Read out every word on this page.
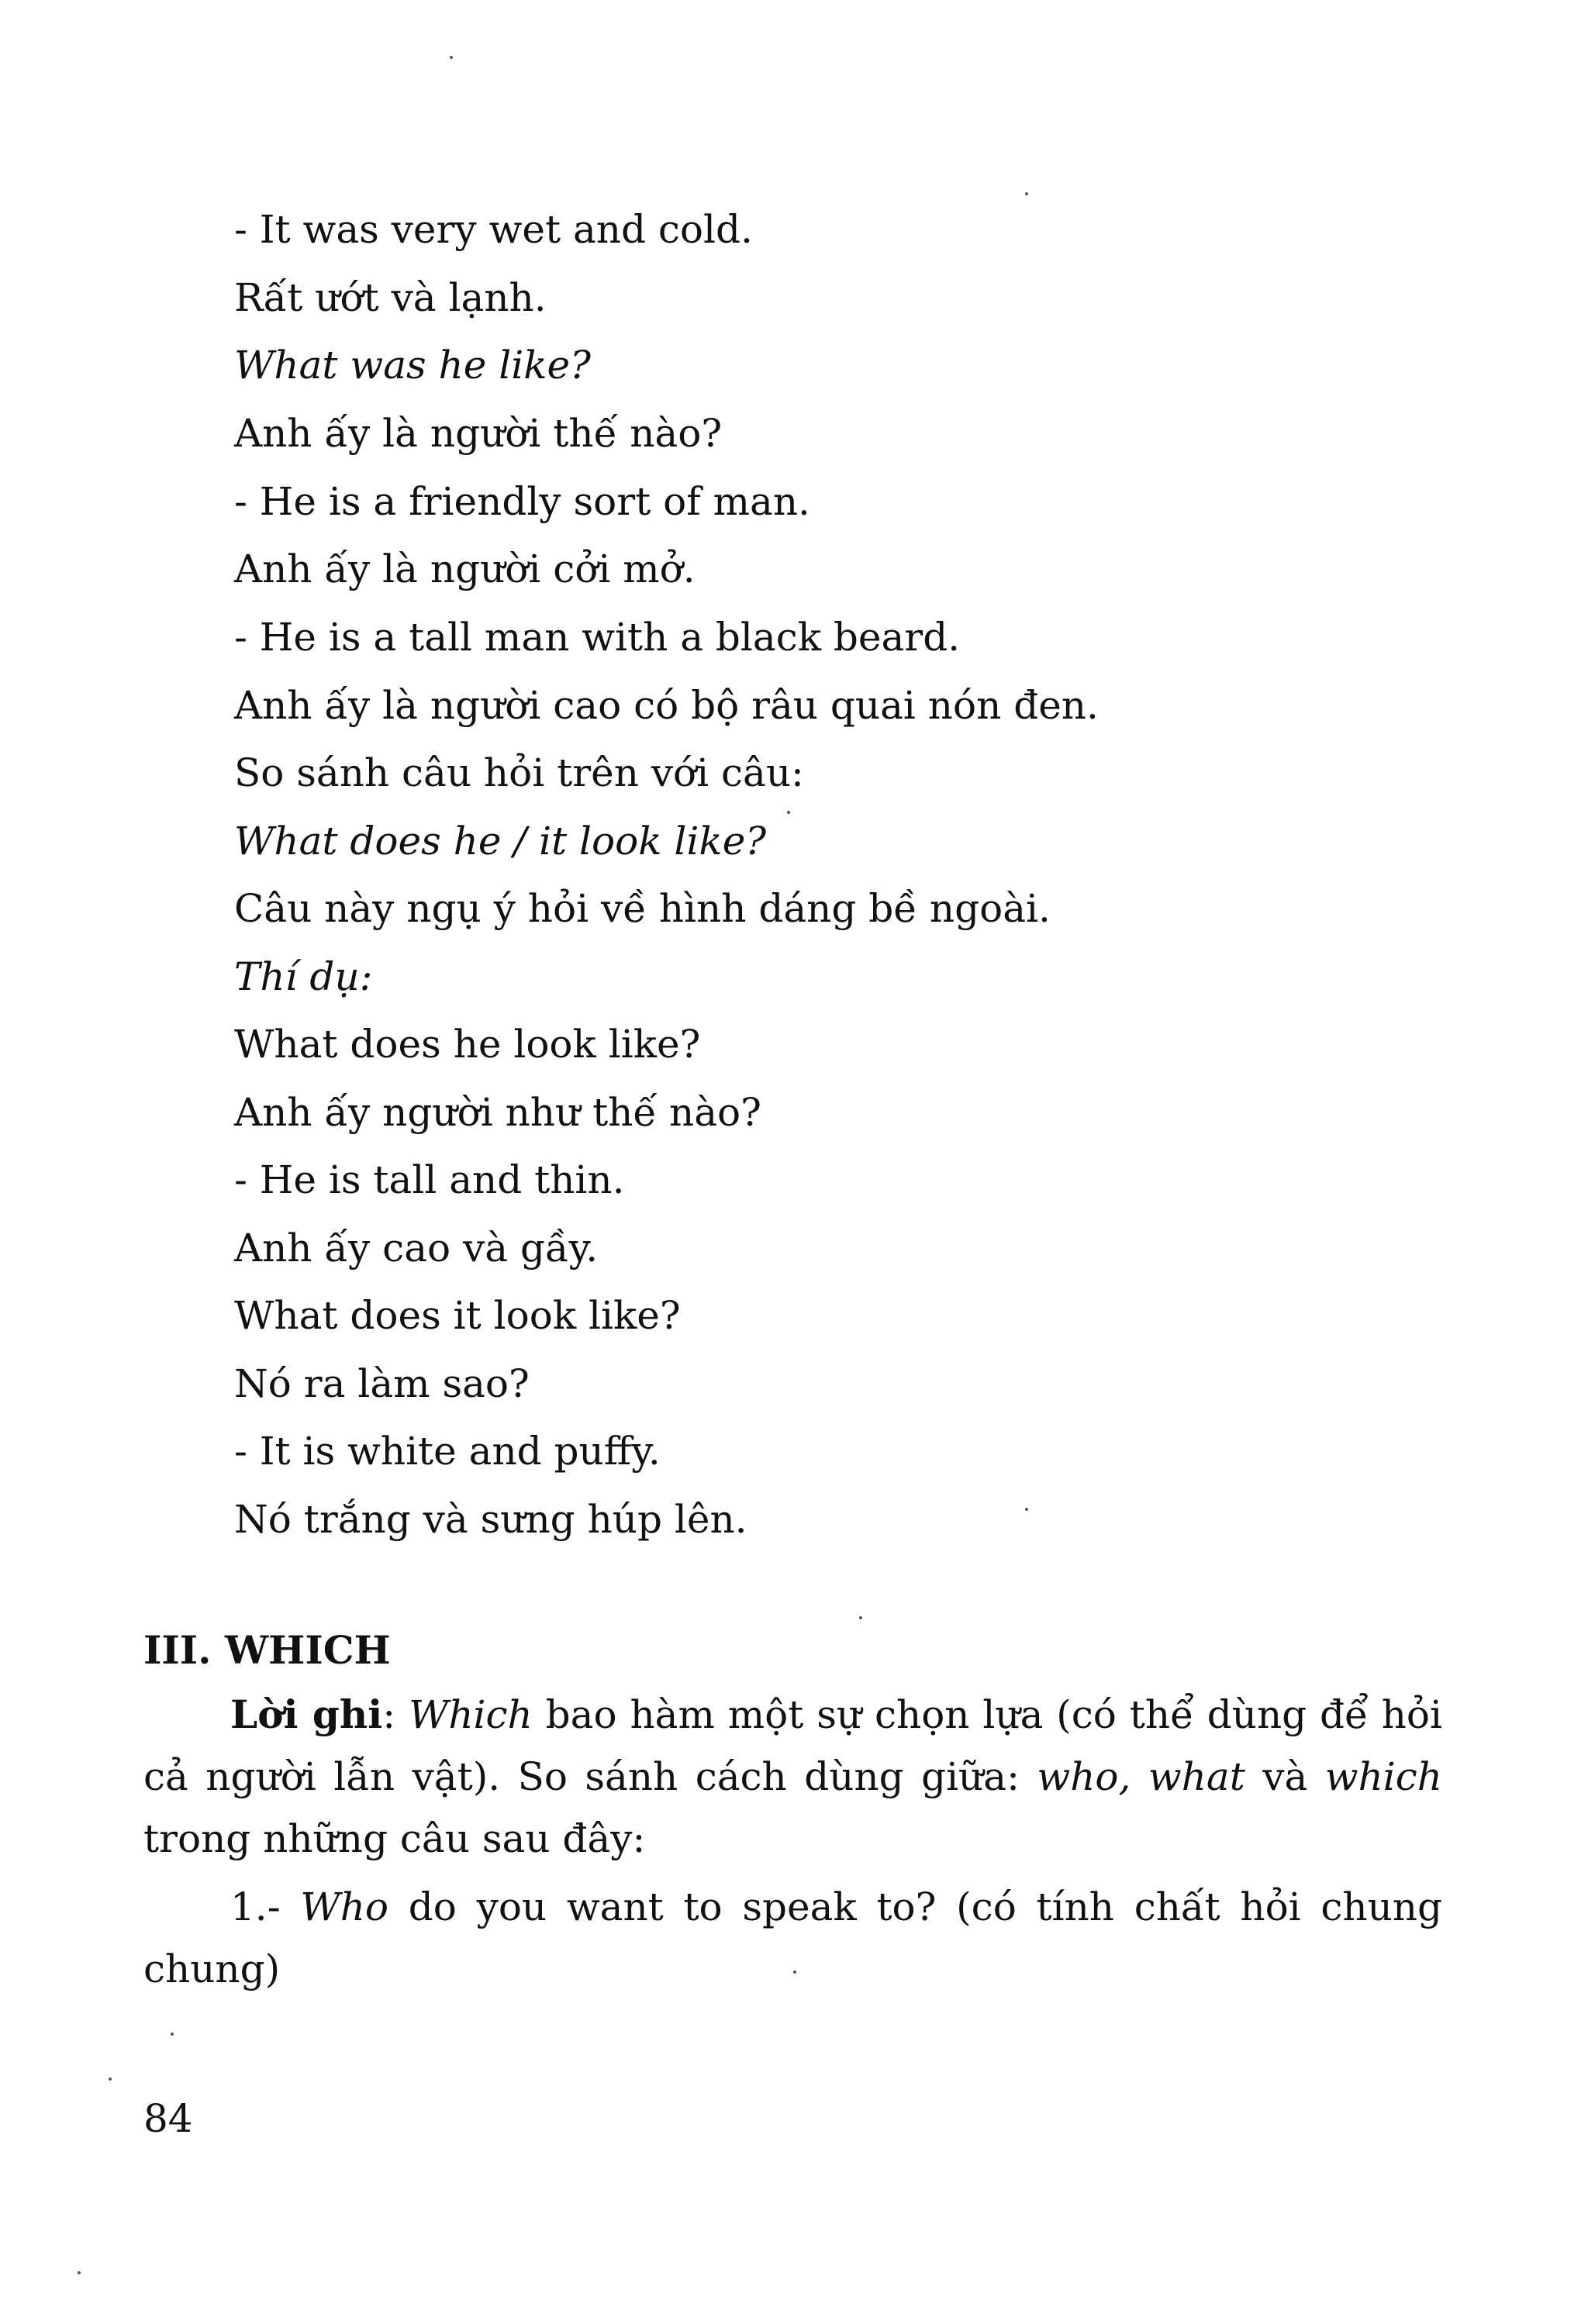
- It was very wet and cold.
Rất ướt và lạnh.
What was he like?
Anh ấy là người thế nào?
- He is a friendly sort of man.
Anh ấy là người cởi mở.
- He is a tall man with a black beard.
Anh ấy là người cao có bộ râu quai nón đen.
So sánh câu hỏi trên với câu:
What does he / it look like?
Câu này ngụ ý hỏi về hình dáng bề ngoài.
Thí dụ:
What does he look like?
Anh ấy người như thế nào?
- He is tall and thin.
Anh ấy cao và gầy.
What does it look like?
Nó ra làm sao?
- It is white and puffy.
Nó trắng và sưng húp lên.
III. WHICH
Lời ghi: Which bao hàm một sự chọn lựa (có thể dùng để hỏi cả người lẫn vật). So sánh cách dùng giữa: who, what và which trong những câu sau đây:
1.- Who do you want to speak to? (có tính chất hỏi chung chung)
84
